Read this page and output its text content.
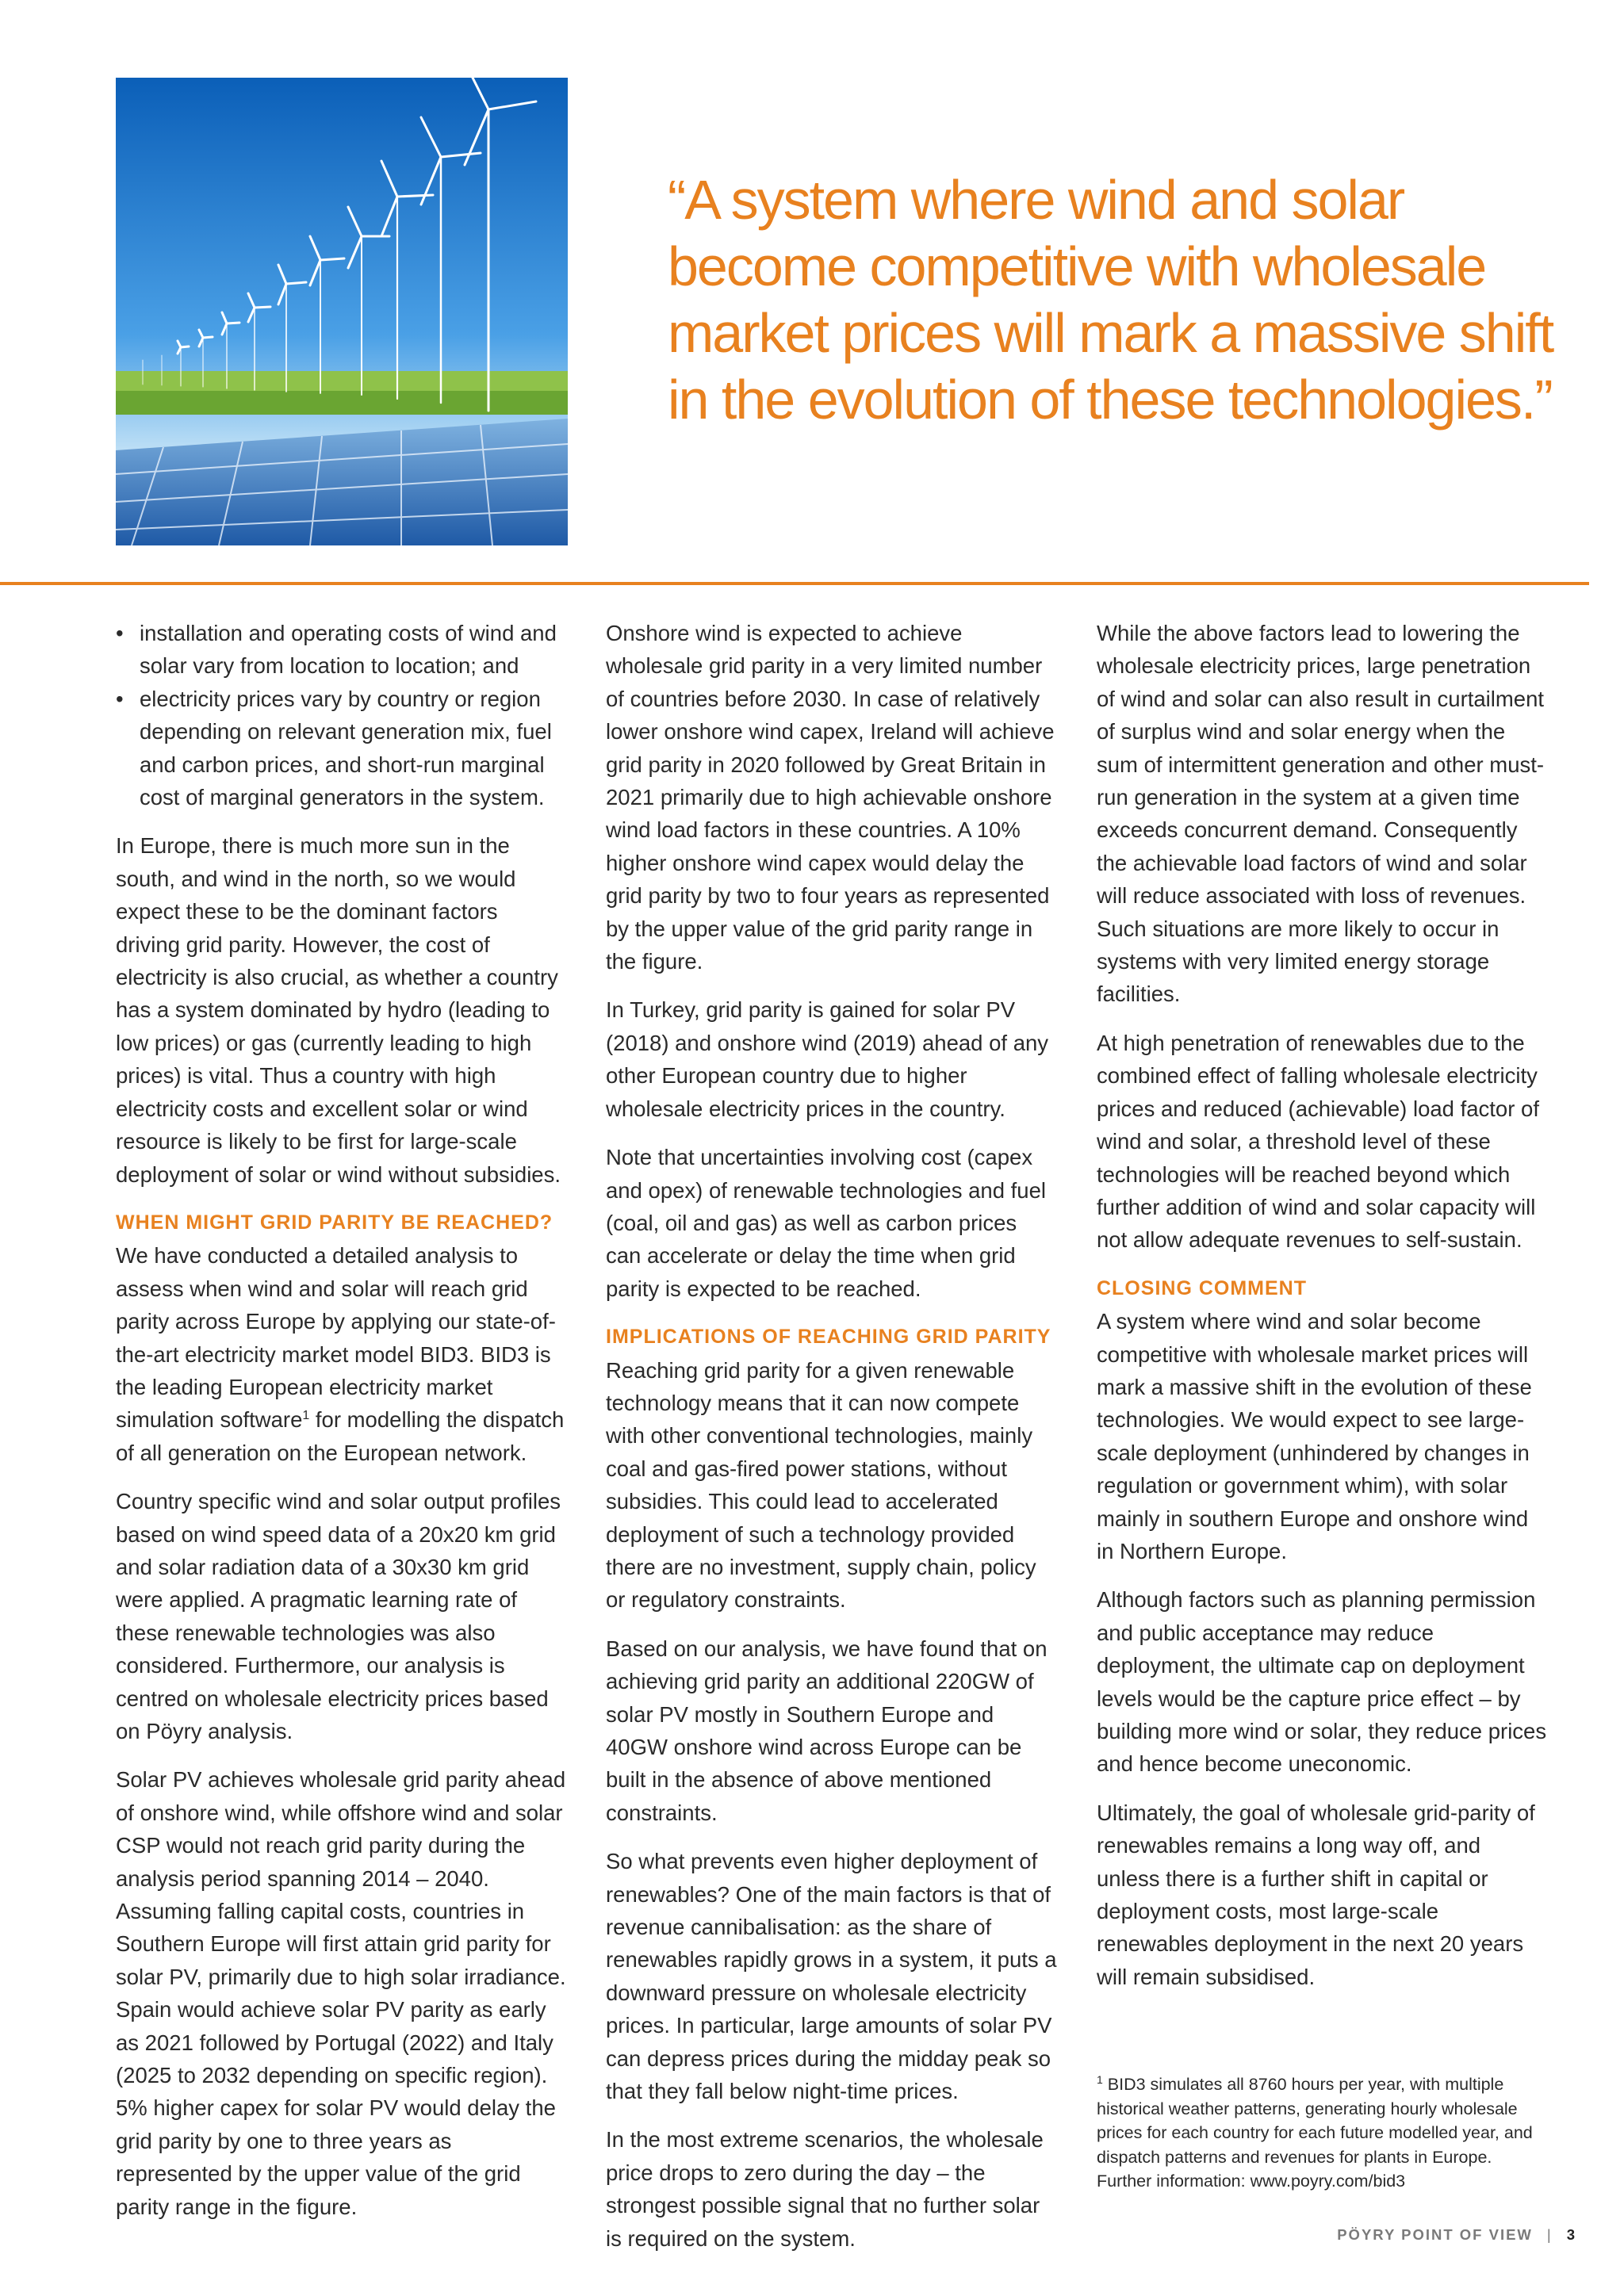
“A system where wind and solar become competitive with wholesale market prices will mark a massive shift in the evolution of these technologies.”
• installation and operating costs of wind and solar vary from location to location; and
• electricity prices vary by country or region depending on relevant generation mix, fuel and carbon prices, and short-run marginal cost of marginal generators in the system.

In Europe, there is much more sun in the south, and wind in the north, so we would expect these to be the dominant factors driving grid parity. However, the cost of electricity is also crucial, as whether a country has a system dominated by hydro (leading to low prices) or gas (currently leading to high prices) is vital. Thus a country with high electricity costs and excellent solar or wind resource is likely to be first for large-scale deployment of solar or wind without subsidies.

WHEN MIGHT GRID PARITY BE REACHED?

We have conducted a detailed analysis to assess when wind and solar will reach grid parity across Europe by applying our state-of-the-art electricity market model BID3. BID3 is the leading European electricity market simulation software$^1$ for modelling the dispatch of all generation on the European network.

Country specific wind and solar output profiles based on wind speed data of a 20x20 km grid and solar radiation data of a 30x30 km grid were applied. A pragmatic learning rate of these renewable technologies was also considered. Furthermore, our analysis is centred on wholesale electricity prices based on Pöyry analysis.

Solar PV achieves wholesale grid parity ahead of onshore wind, while offshore wind and solar CSP would not reach grid parity during the analysis period spanning 2014 – 2040. Assuming falling capital costs, countries in Southern Europe will first attain grid parity for solar PV, primarily due to high solar irradiance. Spain would achieve solar PV parity as early as 2021 followed by Portugal (2022) and Italy (2025 to 2032 depending on specific region). 5% higher capex for solar PV would delay the grid parity by one to three years as represented by the upper value of the grid parity range in the figure.

Onshore wind is expected to achieve wholesale grid parity in a very limited number of countries before 2030. In case of relatively lower onshore wind capex, Ireland will achieve grid parity in 2020 followed by Great Britain in 2021 primarily due to high achievable onshore wind load factors in these countries. A 10% higher onshore wind capex would delay the grid parity by two to four years as represented by the upper value of the grid parity range in the figure.

In Turkey, grid parity is gained for solar PV (2018) and onshore wind (2019) ahead of any other European country due to higher wholesale electricity prices in the country.

Note that uncertainties involving cost (capex and opex) of renewable technologies and fuel (coal, oil and gas) as well as carbon prices can accelerate or delay the time when grid parity is expected to be reached.

IMPLICATIONS OF REACHING GRID PARITY

Reaching grid parity for a given renewable technology means that it can now compete with other conventional technologies, mainly coal and gas-fired power stations, without subsidies. This could lead to accelerated deployment of such a technology provided there are no investment, supply chain, policy or regulatory constraints.

Based on our analysis, we have found that on achieving grid parity an additional 220GW of solar PV mostly in Southern Europe and 40GW onshore wind across Europe can be built in the absence of above mentioned constraints.

So what prevents even higher deployment of renewables? One of the main factors is that of revenue cannibalisation: as the share of renewables rapidly grows in a system, it puts a downward pressure on wholesale electricity prices. In particular, large amounts of solar PV can depress prices during the midday peak so that they fall below night-time prices.

In the most extreme scenarios, the wholesale price drops to zero during the day – the strongest possible signal that no further solar is required on the system.

While the above factors lead to lowering the wholesale electricity prices, large penetration of wind and solar can also result in curtailment of surplus wind and solar energy when the sum of intermittent generation and other must-run generation in the system at a given time exceeds concurrent demand. Consequently the achievable load factors of wind and solar will reduce associated with loss of revenues. Such situations are more likely to occur in systems with very limited energy storage facilities.

At high penetration of renewables due to the combined effect of falling wholesale electricity prices and reduced (achievable) load factor of wind and solar, a threshold level of these technologies will be reached beyond which further addition of wind and solar capacity will not allow adequate revenues to self-sustain.

CLOSING COMMENT

A system where wind and solar become competitive with wholesale market prices will mark a massive shift in the evolution of these technologies. We would expect to see large-scale deployment (unhindered by changes in regulation or government whim), with solar mainly in southern Europe and onshore wind in Northern Europe.

Although factors such as planning permission and public acceptance may reduce deployment, the ultimate cap on deployment levels would be the capture price effect – by building more wind or solar, they reduce prices and hence become uneconomic.

Ultimately, the goal of wholesale grid-parity of renewables remains a long way off, and unless there is a further shift in capital or deployment costs, most large-scale renewables deployment in the next 20 years will remain subsidised.

$^1$ BID3 simulates all 8760 hours per year, with multiple historical weather patterns, generating hourly wholesale prices for each country for each future modelled year, and dispatch patterns and revenues for plants in Europe. Further information: www.poyry.com/bid3
PÖYRY POINT OF VIEW | 3
